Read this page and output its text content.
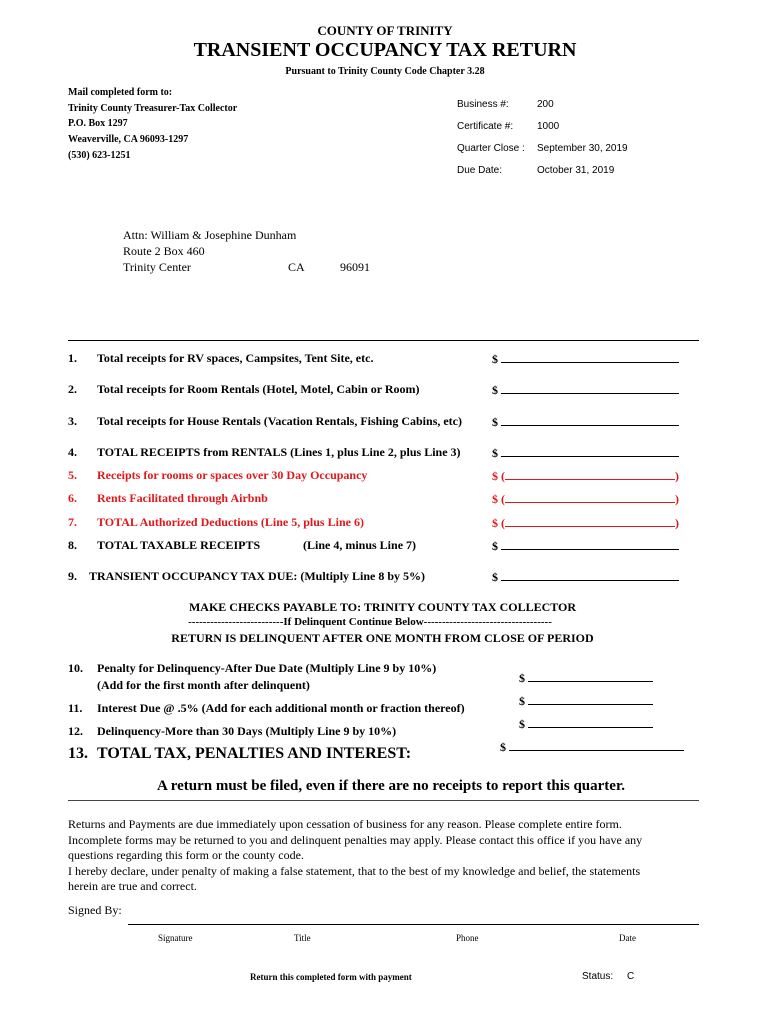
COUNTY OF TRINITY
TRANSIENT OCCUPANCY TAX RETURN
Pursuant to Trinity County Code Chapter 3.28
Mail completed form to:
Trinity County Treasurer-Tax Collector
P.O. Box 1297
Weaverville, CA 96093-1297
(530) 623-1251
Business #:	200
Certificate #: 1000
Quarter Close : September 30, 2019
Due Date:	October 31, 2019
Attn: William & Josephine Dunham
Route 2 Box 460
Trinity Center	CA	96091
1. Total receipts for RV spaces, Campsites, Tent Site, etc.	$
2. Total receipts for Room Rentals (Hotel, Motel, Cabin or Room)	$
3. Total receipts for House Rentals (Vacation Rentals, Fishing Cabins, etc) $
4. TOTAL RECEIPTS from RENTALS (Lines 1, plus Line 2, plus Line 3)	$
5. Receipts for rooms or spaces over 30 Day Occupancy	$ (	)
6. Rents Facilitated through Airbnb	$ (	)
7. TOTAL Authorized Deductions (Line 5, plus Line 6)	$ (	)
8. TOTAL TAXABLE RECEIPTS	(Line 4, minus Line 7)	$
9. TRANSIENT OCCUPANCY TAX DUE: (Multiply Line 8 by 5%)	$
MAKE CHECKS PAYABLE TO: TRINITY COUNTY TAX COLLECTOR
--------------------------If Delinquent Continue Below-----------------------------------
RETURN IS DELINQUENT AFTER ONE MONTH FROM CLOSE OF PERIOD
10. Penalty for Delinquency-After Due Date (Multiply Line 9 by 10%)
(Add for the first month after delinquent)	$
11. Interest Due @ .5% (Add for each additional month or fraction thereof)	$
12. Delinquency-More than 30 Days (Multiply Line 9 by 10%)	$
13. TOTAL TAX, PENALTIES AND INTEREST:	$
A return must be filed, even if there are no receipts to report this quarter.
Returns and Payments are due immediately upon cessation of business for any reason. Please complete entire form.
Incomplete forms may be returned to you and delinquent penalties may apply. Please contact this office if you have any
questions regarding this form or the county code.
I hereby declare, under penalty of making a false statement, that to the best of my knowledge and belief, the statements
herein are true and correct.
Signed By:
Signature	Title	Phone	Date
Return this completed form with payment	Status: C
